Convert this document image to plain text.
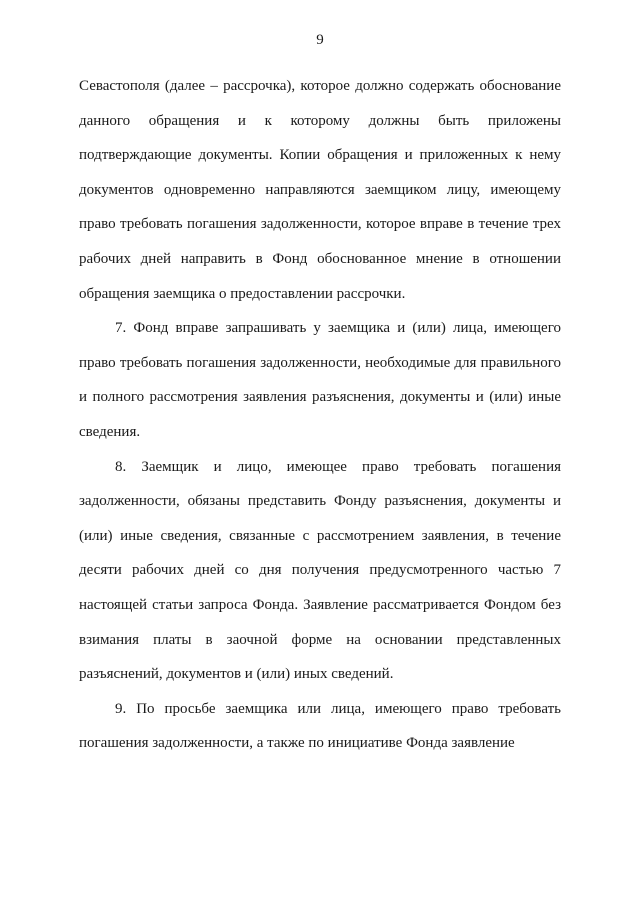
9

Севастополя (далее – рассрочка), которое должно содержать обоснование данного обращения и к которому должны быть приложены подтверждающие документы. Копии обращения и приложенных к нему документов одновременно направляются заемщиком лицу, имеющему право требовать погашения задолженности, которое вправе в течение трех рабочих дней направить в Фонд обоснованное мнение в отношении обращения заемщика о предоставлении рассрочки.

7. Фонд вправе запрашивать у заемщика и (или) лица, имеющего право требовать погашения задолженности, необходимые для правильного и полного рассмотрения заявления разъяснения, документы и (или) иные сведения.

8. Заемщик и лицо, имеющее право требовать погашения задолженности, обязаны представить Фонду разъяснения, документы и (или) иные сведения, связанные с рассмотрением заявления, в течение десяти рабочих дней со дня получения предусмотренного частью 7 настоящей статьи запроса Фонда. Заявление рассматривается Фондом без взимания платы в заочной форме на основании представленных разъяснений, документов и (или) иных сведений.

9. По просьбе заемщика или лица, имеющего право требовать погашения задолженности, а также по инициативе Фонда заявление
